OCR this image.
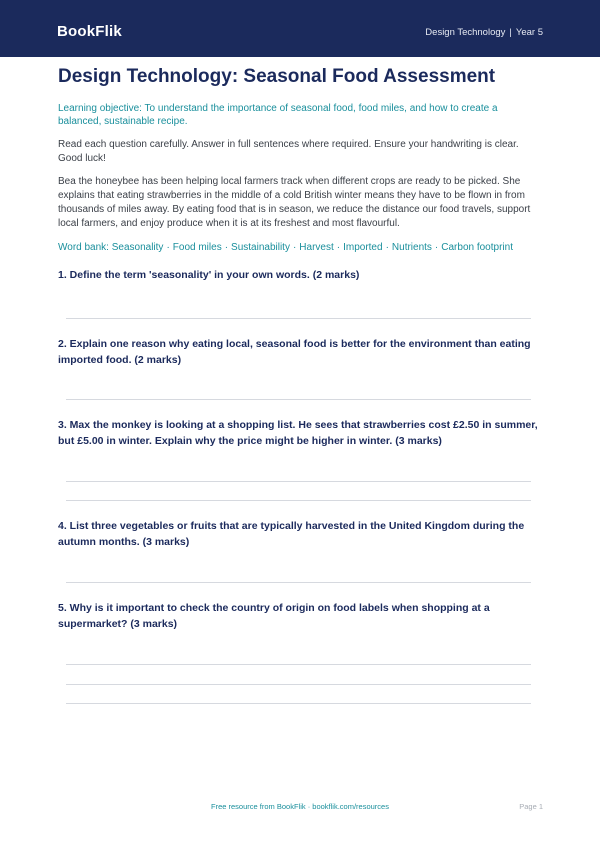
BookFlik	Design Technology | Year 5
Design Technology: Seasonal Food Assessment

Learning objective: To understand the importance of seasonal food, food miles, and how to create a balanced, sustainable recipe.

Read each question carefully. Answer in full sentences where required. Ensure your handwriting is clear. Good luck!

Bea the honeybee has been helping local farmers track when different crops are ready to be picked. She explains that eating strawberries in the middle of a cold British winter means they have to be flown in from thousands of miles away. By eating food that is in season, we reduce the distance our food travels, support local farmers, and enjoy produce when it is at its freshest and most flavourful.

Word bank: Seasonality · Food miles · Sustainability · Harvest · Imported · Nutrients · Carbon footprint

1. Define the term 'seasonality' in your own words. (2 marks)
2. Explain one reason why eating local, seasonal food is better for the environment than eating imported food. (2 marks)
3. Max the monkey is looking at a shopping list. He sees that strawberries cost £2.50 in summer, but £5.00 in winter. Explain why the price might be higher in winter. (3 marks)
4. List three vegetables or fruits that are typically harvested in the United Kingdom during the autumn months. (3 marks)
5. Why is it important to check the country of origin on food labels when shopping at a supermarket? (3 marks)
Free resource from BookFlik · bookflik.com/resources	Page 1
